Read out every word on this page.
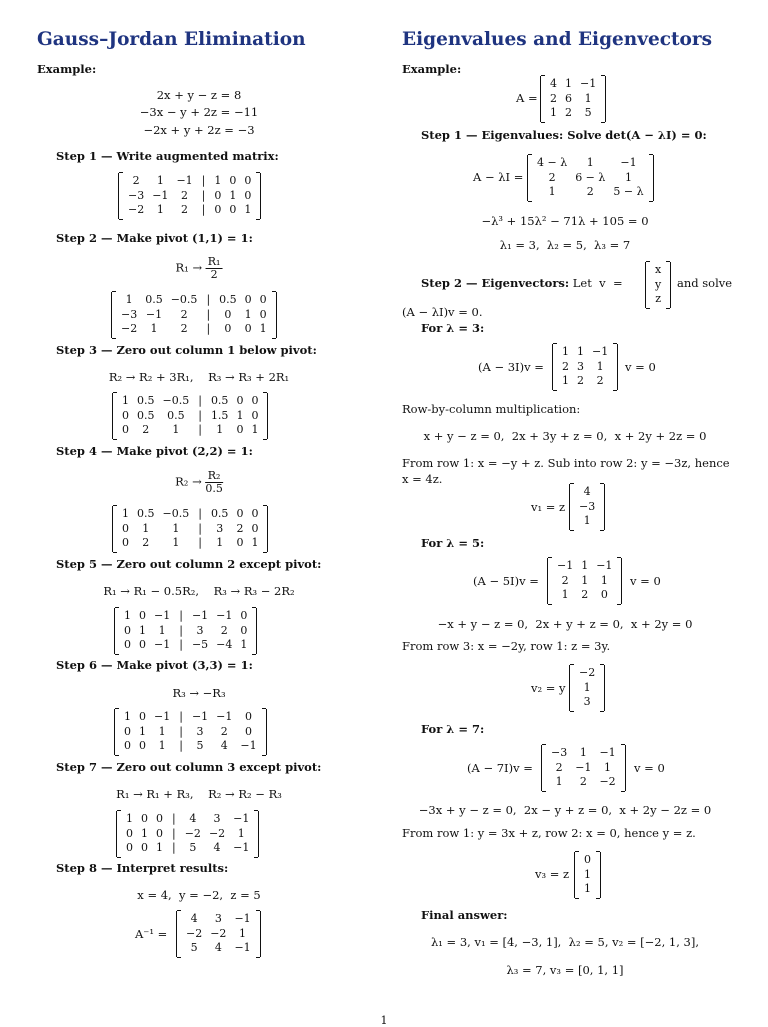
Gauss–Jordan Elimination
Example:
2x + y − z = 8
−3x − y + 2z = −11
−2x + y + 2z = −3
Step 1 — Write augmented matrix:
2	1	−1	|	1	0	0
−3	−1	2	|	0	1	0
−2	1	2	|	0	0	1
Step 2 — Make pivot (1,1) = 1:
$R_1 \to \frac{\text{R₁}}{2}$
1	0.5	−0.5	|	0.5	0	0
−3	−1	2	|	0	1	0
−2	1	2	|	0	0	1
Step 3 — Zero out column 1 below pivot:
R₂ → R₂ + 3R₁,    R₃ → R₃ + 2R₁
1	0.5	−0.5	|	0.5	0	0
0	0.5	0.5	|	1.5	1	0
0	2	1	|	1	0	1
Step 4 — Make pivot (2,2) = 1:
$R_2 \to \frac{\text{R₂}}{0.5}$
1	0.5	−0.5	|	0.5	0	0
0	1	1	|	3	2	0
0	2	1	|	1	0	1
Step 5 — Zero out column 2 except pivot:
R₁ → R₁ − 0.5R₂,    R₃ → R₃ − 2R₂
1	0	−1	|	−1	−1	0
0	1	1	|	3	2	0
0	0	−1	|	−5	−4	1
Step 6 — Make pivot (3,3) = 1:
R₃ → −R₃
1	0	−1	|	−1	−1	0
0	1	1	|	3	2	0
0	0	1	|	5	4	−1
Step 7 — Zero out column 3 except pivot:
R₁ → R₁ + R₃,    R₂ → R₂ − R₃
1	0	0	|	4	3	−1
0	1	0	|	−2	−2	1
0	0	1	|	5	4	−1
Step 8 — Interpret results:
x = 4,  y = −2,  z = 5
A⁻¹ =
4	3	−1
−2	−2	1
5	4	−1
Eigenvalues and Eigenvectors
Example:
A =
4	1	−1
2	6	1
1	2	5
Step 1 — Eigenvalues: Solve det(A − λI) = 0:
A − λI =
4 − λ	1	−1
2	6 − λ	1
1	2	5 − λ
−λ³ + 15λ² − 71λ + 105 = 0
λ₁ = 3,  λ₂ = 5,  λ₃ = 7
Step 2 — Eigenvectors: Let  v  =
x
y
z
and solve
(A − λI)v = 0.
For λ = 3:
(A − 3I)v =
1	1	−1
2	3	1
1	2	2
v = 0
Row-by-column multiplication:
x + y − z = 0,  2x + 3y + z = 0,  x + 2y + 2z = 0
From row 1: x = −y + z. Sub into row 2: y = −3z, hence
x = 4z.
v₁ = z
4
−3
1
For λ = 5:
(A − 5I)v =
−1	1	−1
2	1	1
1	2	0
v = 0
−x + y − z = 0,  2x + y + z = 0,  x + 2y = 0
From row 3: x = −2y, row 1: z = 3y.
v₂ = y
−2
1
3
For λ = 7:
(A − 7I)v =
−3	1	−1
2	−1	1
1	2	−2
v = 0
−3x + y − z = 0,  2x − y + z = 0,  x + 2y − 2z = 0
From row 1: y = 3x + z, row 2: x = 0, hence y = z.
v₃ = z
0
1
1
Final answer:
λ₁ = 3, v₁ = [4, −3, 1],  λ₂ = 5, v₂ = [−2, 1, 3],
λ₃ = 7, v₃ = [0, 1, 1]
1
